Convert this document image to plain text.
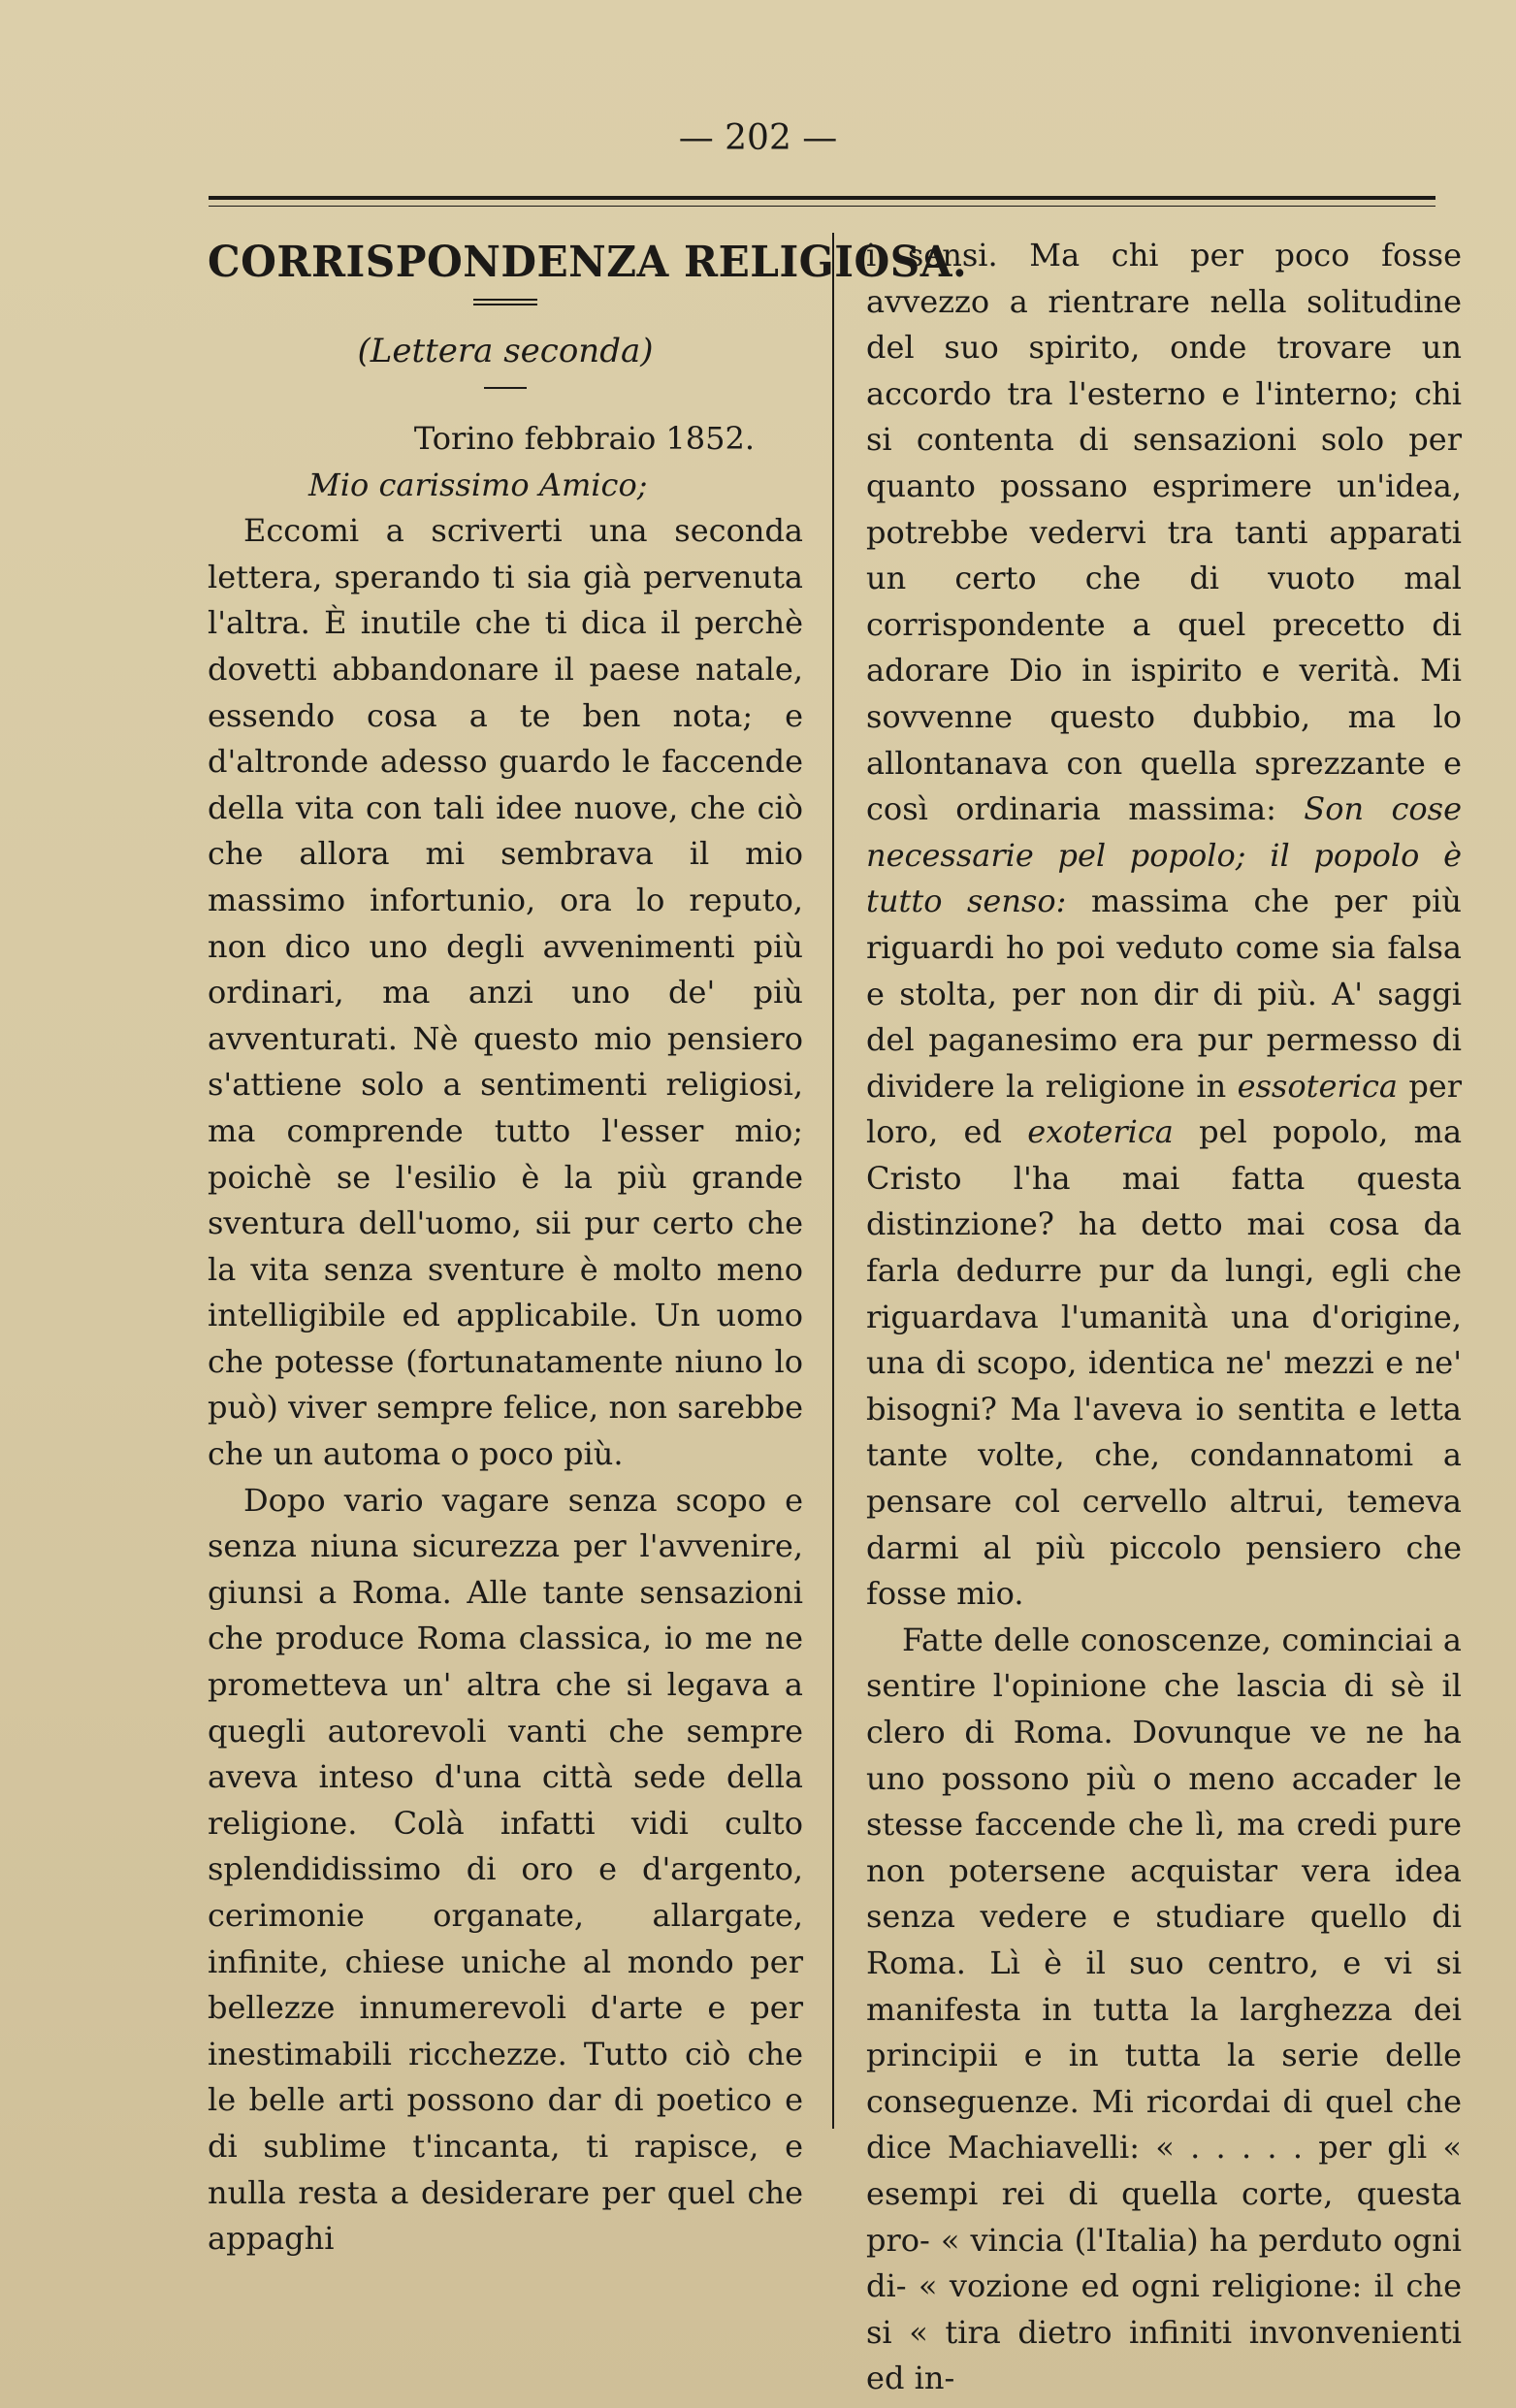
— 202 —

CORRISPONDENZA RELIGIOSA.

(Lettera seconda)

Torino febbraio 1852.

Mio carissimo Amico;

Eccomi a scriverti una seconda lettera, sperando ti sia già pervenuta l'altra. È inutile che ti dica il perchè dovetti abbandonare il paese natale, essendo cosa a te ben nota; e d'altronde adesso guardo le faccende della vita con tali idee nuove, che ciò che allora mi sembrava il mio massimo infortunio, ora lo reputo, non dico uno degli avvenimenti più ordinari, ma anzi uno de' più avventurati. Nè questo mio pensiero s'attiene solo a sentimenti religiosi, ma comprende tutto l'esser mio; poichè se l'esilio è la più grande sventura dell'uomo, sii pur certo che la vita senza sventure è molto meno intelligibile ed applicabile. Un uomo che potesse (fortunatamente niuno lo può) viver sempre felice, non sarebbe che un automa o poco più.

Dopo vario vagare senza scopo e senza niuna sicurezza per l'avvenire, giunsi a Roma. Alle tante sensazioni che produce Roma classica, io me ne prometteva un' altra che si legava a quegli autorevoli vanti che sempre aveva inteso d'una città sede della religione. Colà infatti vidi culto splendidissimo di oro e d'argento, cerimonie organate, allargate, infinite, chiese uniche al mondo per bellezze innumerevoli d'arte e per inestimabili ricchezze. Tutto ciò che le belle arti possono dar di poetico e di sublime t'incanta, ti rapisce, e nulla resta a desiderare per quel che appaghi

i sensi. Ma chi per poco fosse avvezzo a rientrare nella solitudine del suo spirito, onde trovare un accordo tra l'esterno e l'interno; chi si contenta di sensazioni solo per quanto possano esprimere un'idea, potrebbe vedervi tra tanti apparati un certo che di vuoto mal corrispondente a quel precetto di adorare Dio in ispirito e verità. Mi sovvenne questo dubbio, ma lo allontanava con quella sprezzante e così ordinaria massima: Son cose necessarie pel popolo; il popolo è tutto senso: massima che per più riguardi ho poi veduto come sia falsa e stolta, per non dir di più. A' saggi del paganesimo era pur permesso di dividere la religione in essoterica per loro, ed exoterica pel popolo, ma Cristo l'ha mai fatta questa distinzione? ha detto mai cosa da farla dedurre pur da lungi, egli che riguardava l'umanità una d'origine, una di scopo, identica ne' mezzi e ne' bisogni? Ma l'aveva io sentita e letta tante volte, che, condannatomi a pensare col cervello altrui, temeva darmi al più piccolo pensiero che fosse mio.

Fatte delle conoscenze, cominciai a sentire l'opinione che lascia di sè il clero di Roma. Dovunque ve ne ha uno possono più o meno accader le stesse faccende che lì, ma credi pure non potersene acquistar vera idea senza vedere e studiare quello di Roma. Lì è il suo centro, e vi si manifesta in tutta la larghezza dei principii e in tutta la serie delle conseguenze. Mi ricordai di quel che dice Machiavelli: « . . . . . per gli « esempi rei di quella corte, questa pro- « vincia (l'Italia) ha perduto ogni di- « vozione ed ogni religione: il che si « tira dietro infiniti invonvenienti ed in-
